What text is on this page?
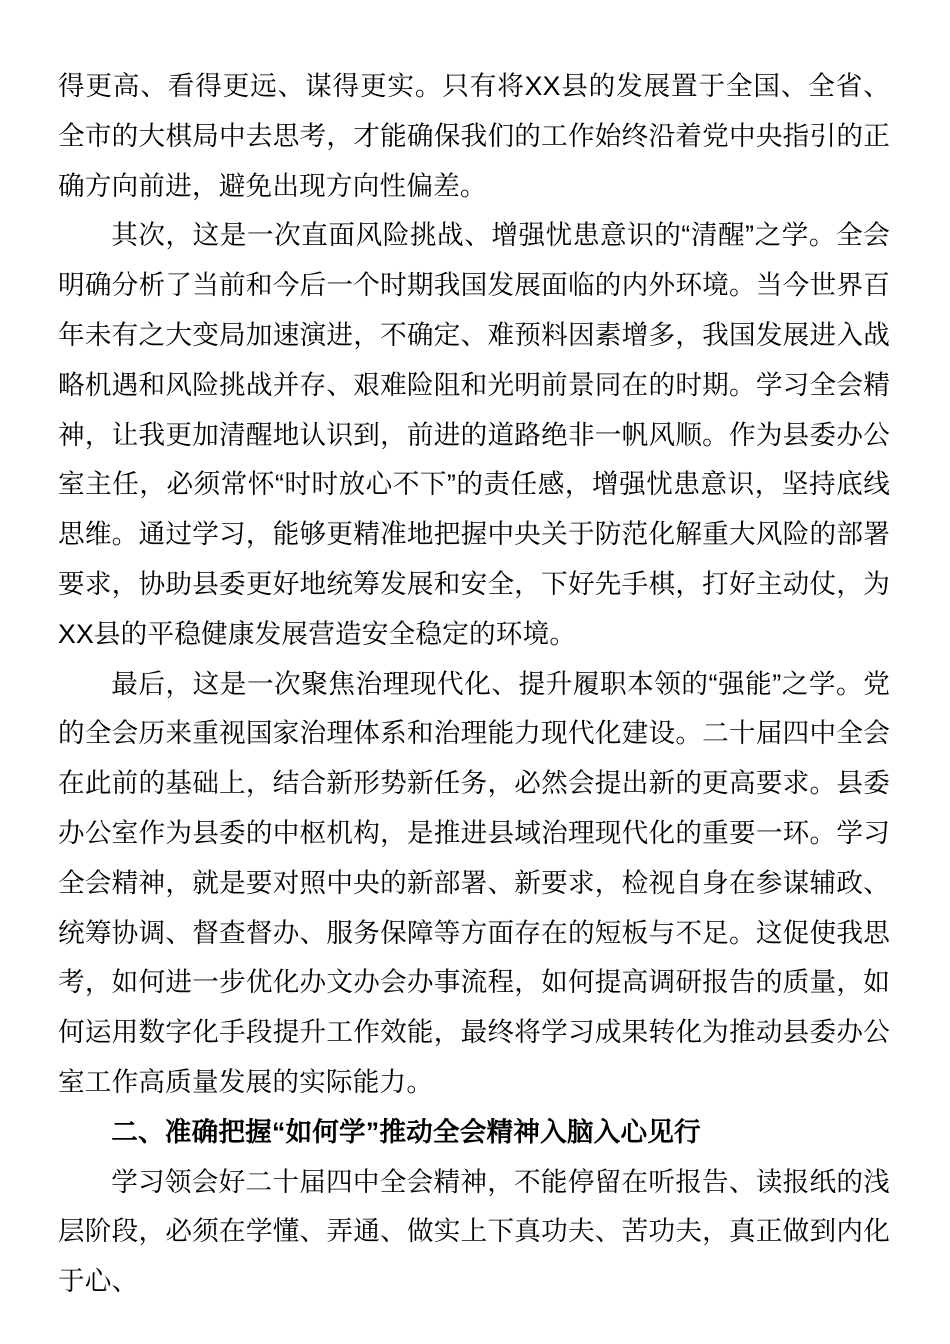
得更高、看得更远、谋得更实。只有将XX县的发展置于全国、全省、全市的大棋局中去思考，才能确保我们的工作始终沿着党中央指引的正确方向前进，避免出现方向性偏差。

其次，这是一次直面风险挑战、增强忧患意识的“清醒”之学。全会明确分析了当前和今后一个时期我国发展面临的内外环境。当今世界百年未有之大变局加速演进，不确定、难预料因素增多，我国发展进入战略机遇和风险挑战并存、艰难险阻和光明前景同在的时期。学习全会精神，让我更加清醒地认识到，前进的道路绝非一帆风顺。作为县委办公室主任，必须常怀“时时放心不下”的责任感，增强忧患意识，坚持底线思维。通过学习，能够更精准地把握中央关于防范化解重大风险的部署要求，协助县委更好地统筹发展和安全，下好先手棋，打好主动仗，为XX县的平稳健康发展营造安全稳定的环境。

最后，这是一次聚焦治理现代化、提升履职本领的“强能”之学。党的全会历来重视国家治理体系和治理能力现代化建设。二十届四中全会在此前的基础上，结合新形势新任务，必然会提出新的更高要求。县委办公室作为县委的中枢机构，是推进县域治理现代化的重要一环。学习全会精神，就是要对照中央的新部署、新要求，检视自身在参谋辅政、统筹协调、督查督办、服务保障等方面存在的短板与不足。这促使我思考，如何进一步优化办文办会办事流程，如何提高调研报告的质量，如何运用数字化手段提升工作效能，最终将学习成果转化为推动县委办公室工作高质量发展的实际能力。

二、准确把握“如何学”推动全会精神入脑入心见行

学习领会好二十届四中全会精神，不能停留在听报告、读报纸的浅层阶段，必须在学懂、弄通、做实上下真功夫、苦功夫，真正做到内化于心、
